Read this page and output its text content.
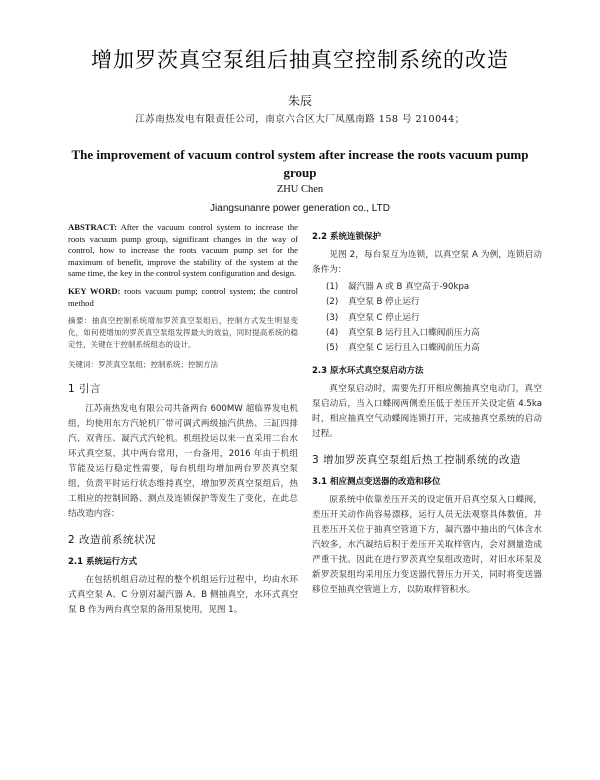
增加罗茨真空泵组后抽真空控制系统的改造
朱辰
江苏南热发电有限责任公司，南京六合区大厂凤凰南路 158 号 210044；
The improvement of vacuum control system after increase the roots vacuum pump group
ZHU Chen
Jiangsunanre power generation co., LTD
ABSTRACT: After the vacuum control system to increase the roots vacuum pump group, significant changes in the way of control, how to increase the roots vacuum pump set for the maximum of benefit, improve the stability of the system at the same time, the key in the control system configuration and design.
KEY WORD: roots vacuum pump; control system; the control method
摘要：抽真空控制系统增加罗茨真空泵组后，控制方式发生明显变化，如何使增加的罗茨真空泵组发挥最大的效益，同时提高系统的稳定性，关键在于控制系统组态的设计。
关键词：罗茨真空泵组；控制系统；控制方法
1 引言
江苏南热发电有限公司共备两台 600MW 超临界发电机组，均使用东方汽轮机厂带可调式两级抽汽供热、三缸四排汽、双背压、凝汽式汽轮机。机组投运以来一直采用二台水环式真空泵，其中两台常用，一台备用，2016 年由于机组节能及运行稳定性需要，每台机组均增加两台罗茨真空泵组，负责平时运行状态维持真空，增加罗茨真空泵组后，热工相应的控制回路、测点及连锁保护等发生了变化，在此总结改造内容：
2 改造前系统状况
2.1 系统运行方式
在包括机组启动过程的整个机组运行过程中，均由水环式真空泵 A、C 分别对凝汽器 A、B 侧抽真空，水环式真空泵 B 作为两台真空泵的备用泵使用，见图 1。
2.2 系统连锁保护
见图 2，每台泵互为连锁，以真空泵 A 为例，连锁启动条件为：
(1) 凝汽器 A 或 B 真空高于-90kpa
(2) 真空泵 B 停止运行
(3) 真空泵 C 停止运行
(4) 真空泵 B 运行且入口蝶阀前压力高
(5) 真空泵 C 运行且入口蝶阀前压力高
2.3 原水环式真空泵启动方法
真空泵启动时，需要先打开相应侧抽真空电动门，真空泵启动后，当入口蝶阀两侧差压低于差压开关设定值 4.5ka 时，相应抽真空气动蝶阀连锁打开，完成抽真空系统的启动过程。
3 增加罗茨真空泵组后热工控制系统的改造
3.1 相应测点变送器的改造和移位
原系统中依靠差压开关的设定值开启真空泵入口蝶阀，差压开关动作尚容易漂移，运行人员无法观察具体数值，并且差压开关位于抽真空管道下方，凝汽器中抽出的气体含水汽较多，水汽凝结后积于差压开关取样管内，会对测量造成严重干扰。因此在进行罗茨真空泵组改造时，对旧水环泵及新罗茨泵组均采用压力变送器代替压力开关，同时将变送器移位至抽真空管道上方，以防取样管积水。
